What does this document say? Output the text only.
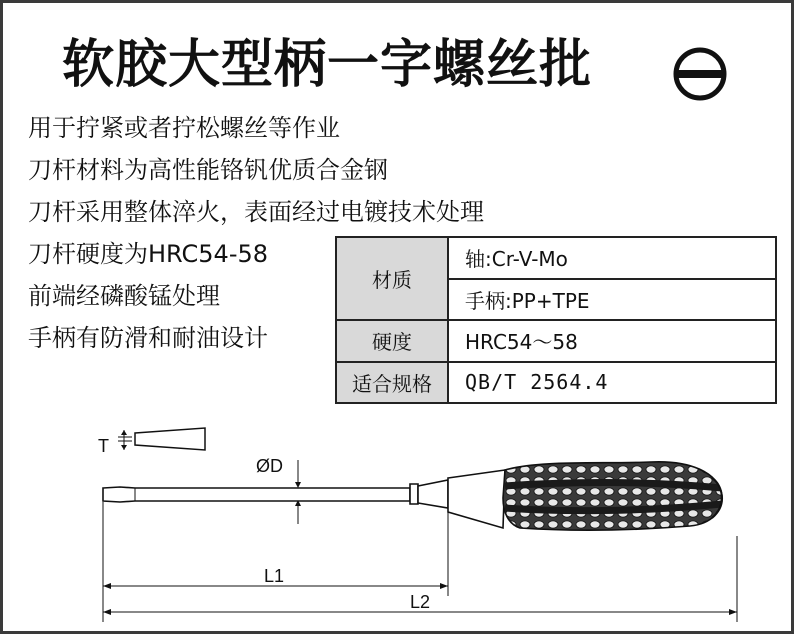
软胶大型柄一字螺丝批
用于拧紧或者拧松螺丝等作业
刀杆材料为高性能铬钒优质合金钢
刀杆采用整体淬火，表面经过电镀技术处理
刀杆硬度为HRC54-58
前端经磷酸锰处理
手柄有防滑和耐油设计
材质	轴:Cr-V-Mo
	手柄:PP+TPE
硬度	HRC54～58
适合规格	QB/T 2564.4
T
ØD
L1
L2
